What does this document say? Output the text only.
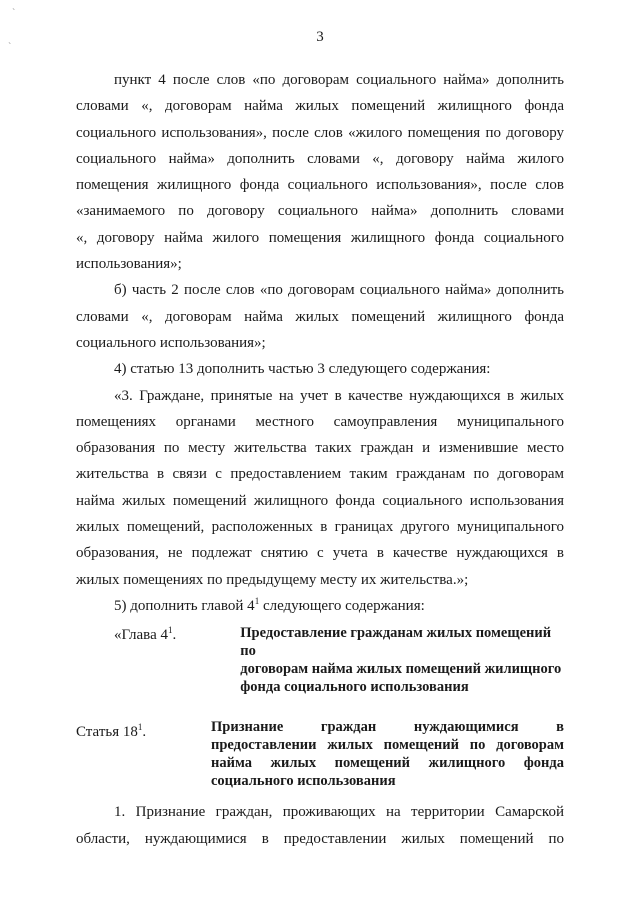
`
`
3
пункт 4 после слов «по договорам социального найма» дополнить
словами «, договорам найма жилых помещений жилищного фонда
социального использования», после слов «жилого помещения по договору
социального найма» дополнить словами «, договору найма жилого
помещения жилищного фонда социального использования», после слов
«занимаемого по договору социального найма» дополнить словами
«, договору найма жилого помещения жилищного фонда социального
использования»;
б) часть 2 после слов «по договорам социального найма» дополнить
словами «, договорам найма жилых помещений жилищного фонда
социального использования»;
4) статью 13 дополнить частью 3 следующего содержания:
«3. Граждане, принятые на учет в качестве нуждающихся в жилых
помещениях органами местного самоуправления муниципального
образования по месту жительства таких граждан и изменившие место
жительства в связи с предоставлением таким гражданам по договорам
найма жилых помещений жилищного фонда социального использования
жилых помещений, расположенных в границах другого муниципального
образования, не подлежат снятию с учета в качестве нуждающихся в
жилых помещениях по предыдущему месту их жительства.»;
5) дополнить главой $4^1$ следующего содержания:
«Глава $4^1$.	Предоставление гражданам жилых помещений по
договорам найма жилых помещений жилищного
фонда социального использования
Статья $18^1$.	Признание граждан нуждающимися в
предоставлении жилых помещений по договорам
найма жилых помещений жилищного фонда
социального использования
1. Признание граждан, проживающих на территории Самарской
области, нуждающимися в предоставлении жилых помещений по
